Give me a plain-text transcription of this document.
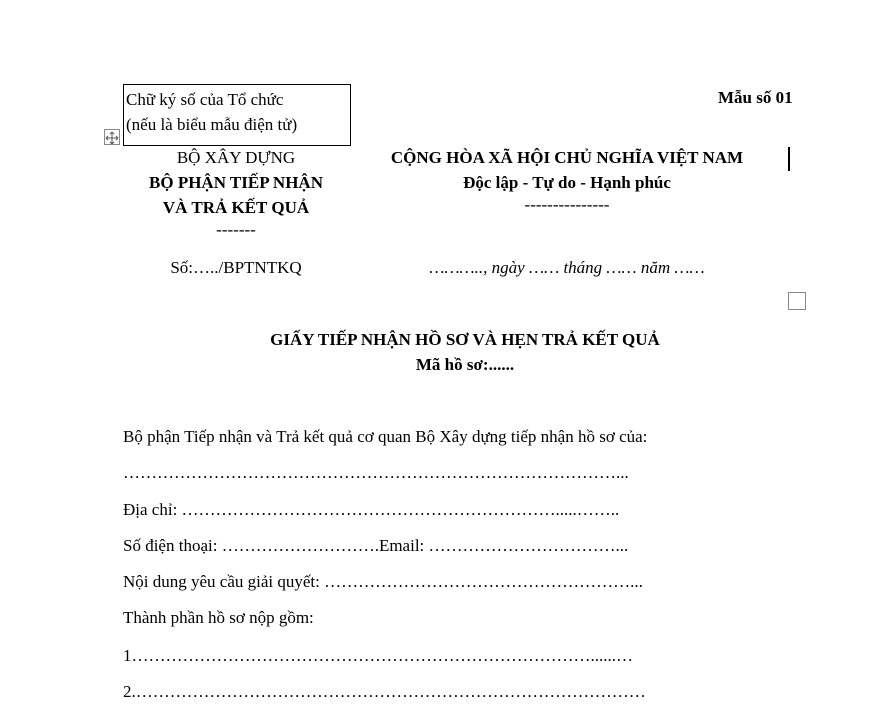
Chữ ký số của Tổ chức
(nếu là biểu mẫu điện tử)
Mẫu số 01
BỘ XÂY DỰNG
BỘ PHẬN TIẾP NHẬN
VÀ TRẢ KẾT QUẢ
-------
Số:…../BPTNTKQ
CỘNG HÒA XÃ HỘI CHỦ NGHĨA VIỆT NAM
Độc lập - Tự do - Hạnh phúc
---------------
……….., ngày …… tháng …… năm ……
GIẤY TIẾP NHẬN HỒ SƠ VÀ HẸN TRẢ KẾT QUẢ
Mã hồ sơ:......
Bộ phận Tiếp nhận và Trả kết quả cơ quan Bộ Xây dựng tiếp nhận hồ sơ của:
……………………………………………………………………………...
Địa chỉ: ………………………………………………………….....……..
Số điện thoại: ……………………….Email: ……………………………...
Nội dung yêu cầu giải quyết: ………………………………………………...
Thành phần hồ sơ nộp gồm:
1………………………………………………………………………......…
2.………………………………………………………………………………
